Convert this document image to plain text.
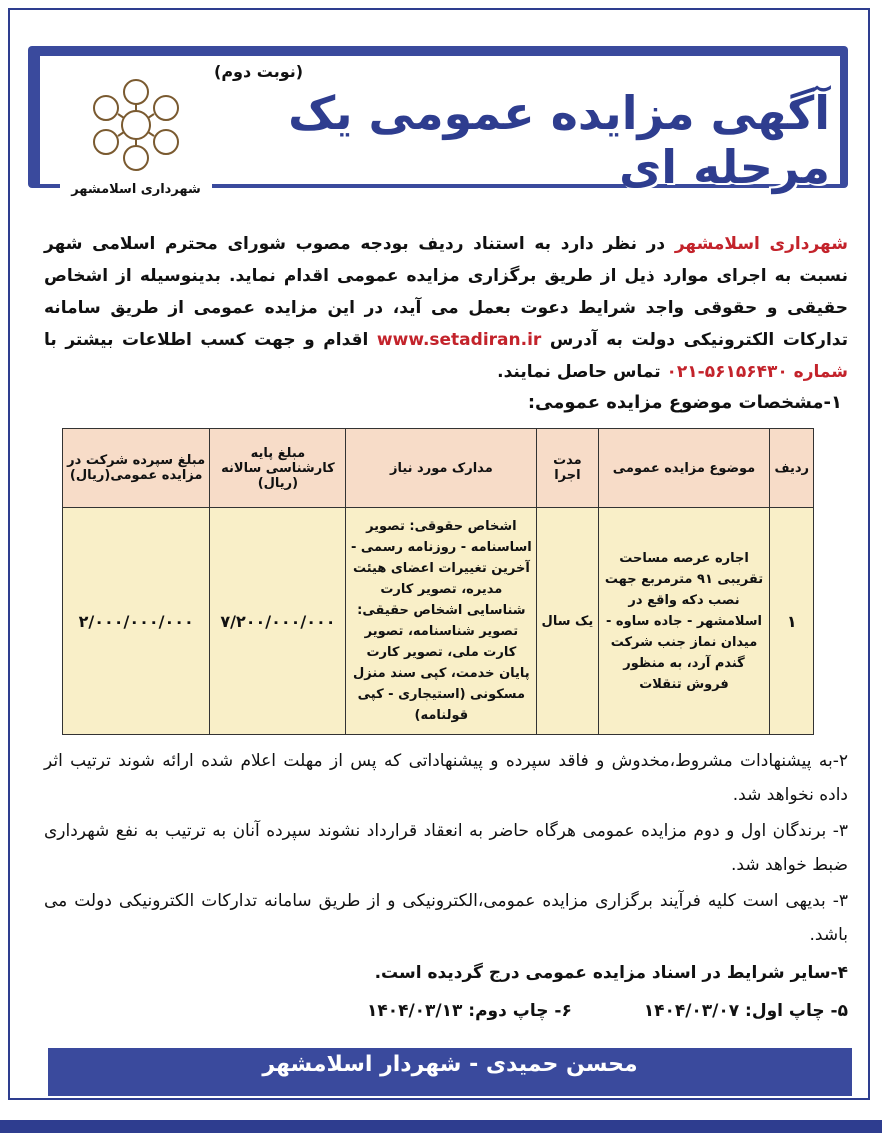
شهرداری اسلامشهر
(نوبت دوم)
آگهی مزایده عمومی یک مرحله ای
شهرداری اسلامشهر در نظر دارد به استناد ردیف بودجه مصوب شورای محترم اسلامی شهر نسبت به اجرای موارد ذیل از طریق برگزاری مزایده عمومی اقدام نماید. بدینوسیله از اشخاص حقیقی و حقوقی واجد شرایط دعوت بعمل می آید، در این مزایده عمومی از طریق سامانه تدارکات الکترونیکی دولت به آدرس www.setadiran.ir اقدام و جهت کسب اطلاعات بیشتر با شماره ۵۶۱۵۶۴۳۰-۰۲۱ تماس حاصل نمایند.
۱-مشخصات موضوع مزایده عمومی:
ردیف	موضوع مزایده عمومی	مدت اجرا	مدارک مورد نیاز	مبلغ پایه کارشناسی سالانه (ریال)	مبلغ سپرده شرکت در مزایده عمومی(ریال)
۱	اجاره عرصه مساحت تقریبی ۹۱ مترمربع جهت نصب دکه واقع در اسلامشهر - جاده ساوه - میدان نماز جنب شرکت گندم آرد، به منظور فروش تنقلات	یک سال	اشخاص حقوقی: تصویر اساسنامه - روزنامه رسمی - آخرین تغییرات اعضای هیئت مدیره، تصویر کارت شناسایی اشخاص حقیقی: تصویر شناسنامه، تصویر کارت ملی، تصویر کارت پایان خدمت، کپی سند منزل مسکونی (استیجاری - کپی قولنامه)	۷/۲۰۰/۰۰۰/۰۰۰	۲/۰۰۰/۰۰۰/۰۰۰
۲-به پیشنهادات مشروط،مخدوش و فاقد سپرده و پیشنهاداتی که پس از مهلت اعلام شده ارائه شوند ترتیب اثر داده نخواهد شد.
۳- برندگان اول و دوم مزایده عمومی هرگاه حاضر به انعقاد قرارداد نشوند سپرده آنان به ترتیب به نفع شهرداری ضبط خواهد شد.
۳- بدیهی است کلیه فرآیند برگزاری مزایده عمومی،الکترونیکی و از طریق سامانه تدارکات الکترونیکی دولت می باشد.
۴-سایر شرایط در اسناد مزایده عمومی درج گردیده است.
۵- چاپ اول: ۱۴۰۴/۰۳/۰۷  ۶- چاپ دوم: ۱۴۰۴/۰۳/۱۳
محسن حمیدی - شهردار اسلامشهر
